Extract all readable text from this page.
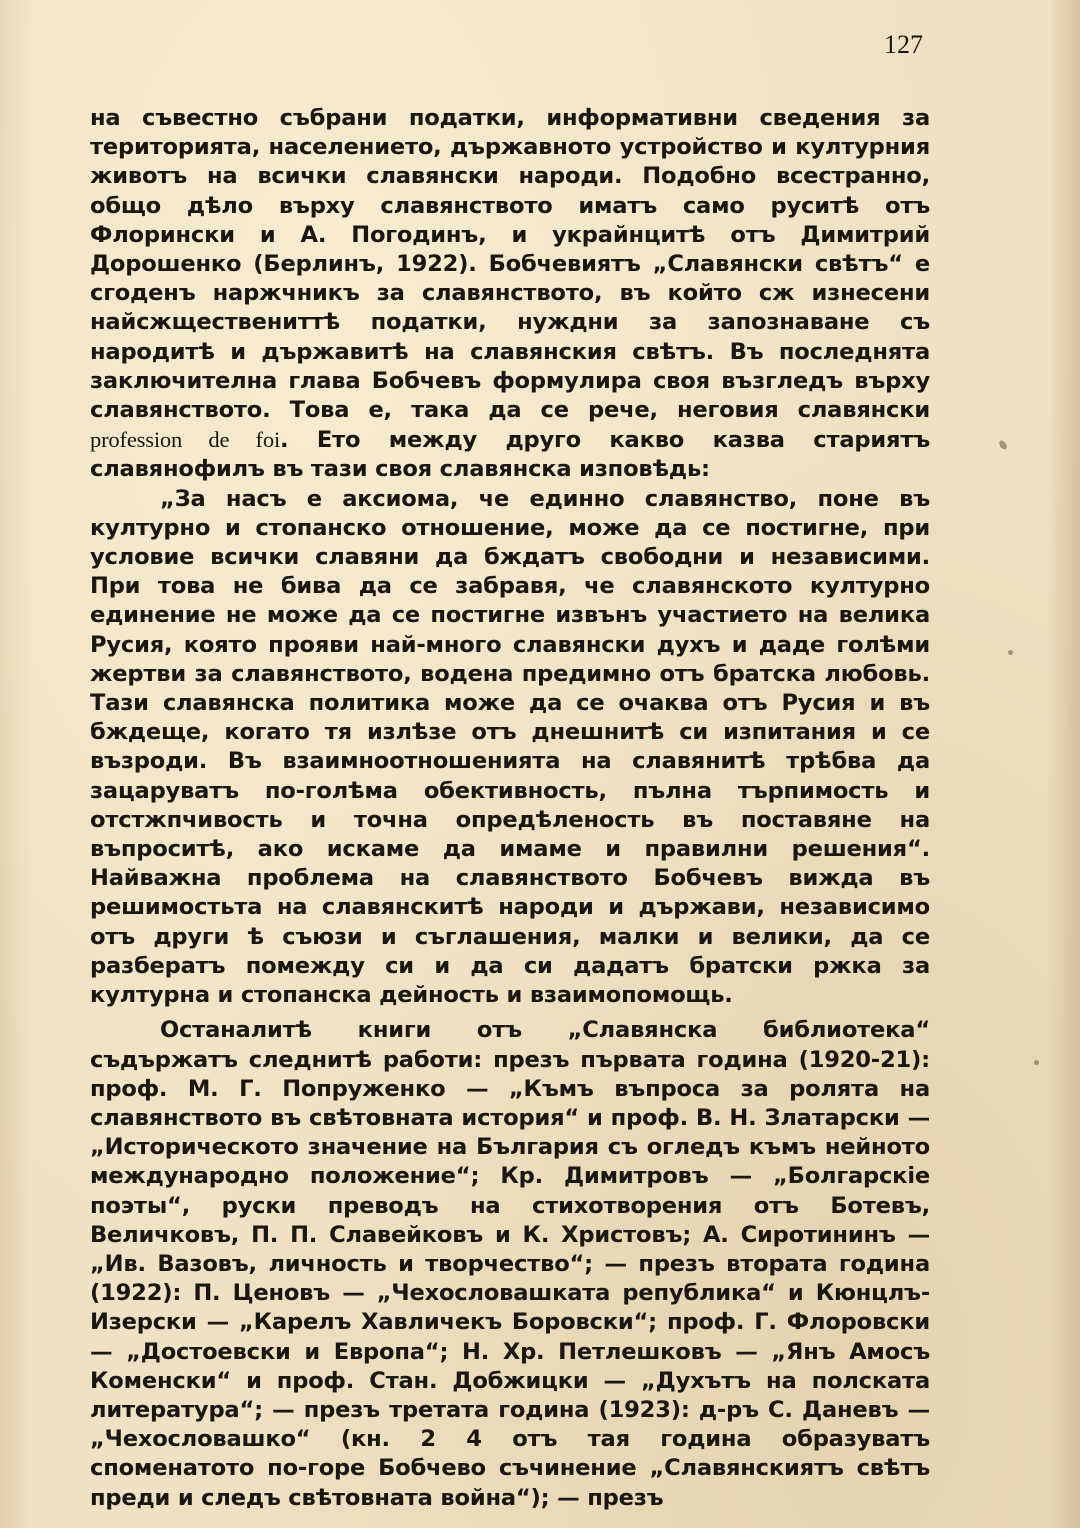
127

на съвестно събрани податки, информативни сведения за територията, населението, държавното устройство и културния животъ на всички славянски народи. Подобно всестранно, общо дѣло върху славянството иматъ само руситѣ отъ Флорински и А. Погодинъ, и украйнцитѣ отъ Димитрий Дорошенко (Берлинъ, 1922). Бобчевиятъ „Славянски свѣтъ“ е сгоденъ наржчникъ за славянството, въ който сж изнесени найсжществениттѣ податки, нуждни за запознаване съ народитѣ и държавитѣ на славянския свѣтъ. Въ последнята заключителна глава Бобчевъ формулира своя възгледъ върху славянството. Това е, така да се рече, неговия славянски profession de foi. Ето между друго какво казва стариятъ славянофилъ въ тази своя славянска изповѣдь:

„За насъ е аксиома, че единно славянство, поне въ културно и стопанско отношение, може да се постигне, при условие всички славяни да бждатъ свободни и независими. При това не бива да се забравя, че славянското културно единение не може да се постигне извънъ участието на велика Русия, която прояви най-много славянски духъ и даде голѣми жертви за славянството, водена предимно отъ братска любовь. Тази славянска политика може да се очаква отъ Русия и въ бждеще, когато тя излѣзе отъ днешнитѣ си изпитания и се възроди. Въ взаимноотношенията на славянитѣ трѣбва да зацаруватъ по-голѣма обективность, пълна търпимость и отстжпчивость и точна опредѣленость въ поставяне на въпроситѣ, ако искаме да имаме и правилни решения“. Найважна проблема на славянството Бобчевъ вижда въ решимостьта на славянскитѣ народи и държави, независимо отъ други ѣ съюзи и съглашения, малки и велики, да се разбератъ помежду си и да си дадатъ братски ржка за културна и стопанска дейность и взаимопомощь.

Останалитѣ книги отъ „Славянска библиотека“ съдържатъ следнитѣ работи: презъ първата година (1920-21): проф. М. Г. Попруженко — „Къмъ въпроса за ролята на славянството въ свѣтовната история“ и проф. В. Н. Златарски — „Историческото значение на България съ огледъ къмъ нейното международно положение“; Кр. Димитровъ — „Болгарскіе поэты“, руски преводъ на стихотворения отъ Ботевъ, Величковъ, П. П. Славейковъ и К. Христовъ; А. Сиротининъ — „Ив. Вазовъ, личность и творчество“; — презъ втората година (1922): П. Ценовъ — „Чехословашката република“ и Кюнцлъ-Изерски — „Карелъ Хавличекъ Боровски“; проф. Г. Флоровски — „Достоевски и Европа“; Н. Хр. Петлешковъ — „Янъ Амосъ Коменски“ и проф. Стан. Добжицки — „Духътъ на полската литература“; — презъ третата година (1923): д-ръ С. Даневъ — „Чехословашко“ (кн. 2 4 отъ тая година образуватъ споменатото по-горе Бобчево съчинение „Славянскиятъ свѣтъ преди и следъ свѣтовната война“); — презъ
